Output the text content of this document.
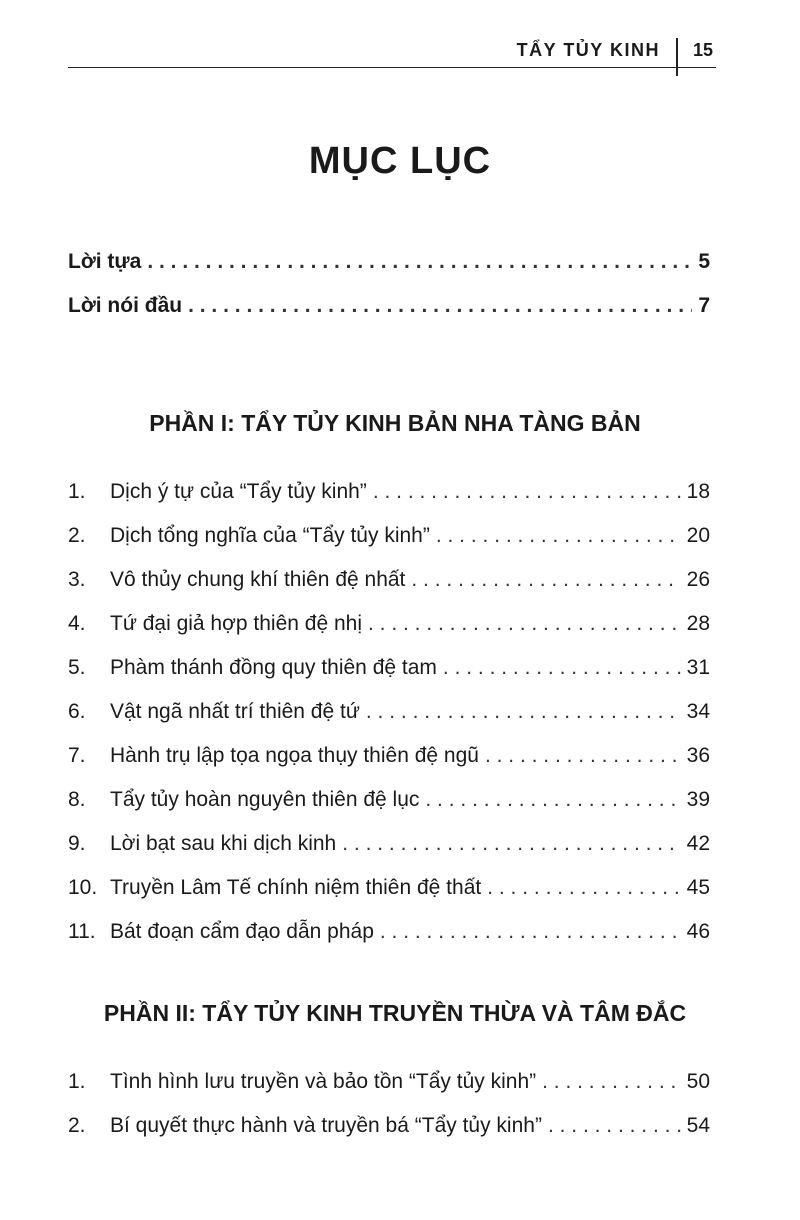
TẨY TỦY KINH 15
MỤC LỤC
Lời tựa . . .	5
Lời nói đầu . . .	7
PHẦN I: TẨY TỦY KINH BẢN NHA TÀNG BẢN
1.	Dịch ý tự của “Tẩy tủy kinh” . . .	18
2.	Dịch tổng nghĩa của “Tẩy tủy kinh” . . .	20
3.	Vô thủy chung khí thiên đệ nhất . . .	26
4.	Tứ đại giả hợp thiên đệ nhị . . .	28
5.	Phàm thánh đồng quy thiên đệ tam . . .	31
6.	Vật ngã nhất trí thiên đệ tứ . . .	34
7.	Hành trụ lập tọa ngọa thụy thiên đệ ngũ . . .	36
8.	Tẩy tủy hoàn nguyên thiên đệ lục . . .	39
9.	Lời bạt sau khi dịch kinh . . .	42
10. Truyền Lâm Tế chính niệm thiên đệ thất . . .	45
11. Bát đoạn cẩm đạo dẫn pháp . . .	46
PHẦN II: TẨY TỦY KINH TRUYỀN THỪA VÀ TÂM ĐẮC
1.	Tình hình lưu truyền và bảo tồn “Tẩy tủy kinh” . . .	50
2.	Bí quyết thực hành và truyền bá “Tẩy tủy kinh” . . .	54
